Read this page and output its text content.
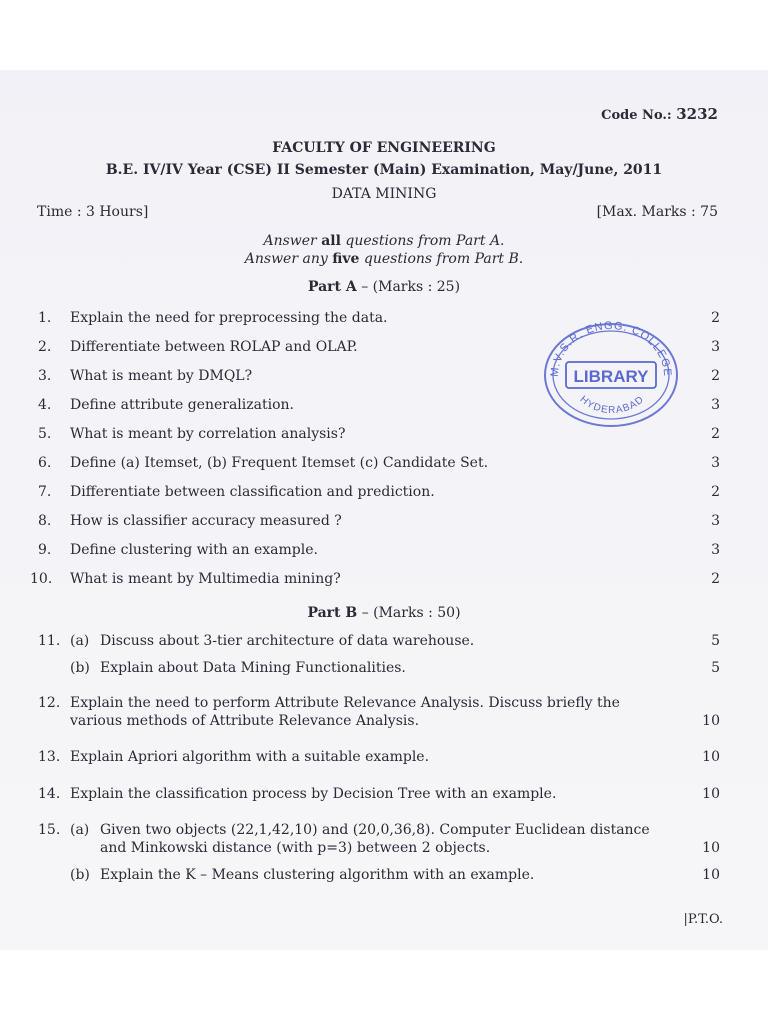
Code No.: 3232
FACULTY OF ENGINEERING
B.E. IV/IV Year (CSE) II Semester (Main) Examination, May/June, 2011
DATA MINING
Time : 3 Hours]	[Max. Marks : 75
Answer all questions from Part A.
Answer any five questions from Part B.
Part A – (Marks : 25)
1. Explain the need for preprocessing the data.	2
2. Differentiate between ROLAP and OLAP.	3
3. What is meant by DMQL?	2
4. Define attribute generalization.	3
5. What is meant by correlation analysis?	2
6. Define (a) Itemset, (b) Frequent Itemset (c) Candidate Set.	3
7. Differentiate between classification and prediction.	2
8. How is classifier accuracy measured ?	3
9. Define clustering with an example.	3
10. What is meant by Multimedia mining?	2
LIBRARY
M.V.S.R. ENGG. COLLEGE
HYDERABAD
Part B – (Marks : 50)
11. (a) Discuss about 3-tier architecture of data warehouse.	5
(b) Explain about Data Mining Functionalities.	5
12. Explain the need to perform Attribute Relevance Analysis. Discuss briefly the
various methods of Attribute Relevance Analysis.	10
13. Explain Apriori algorithm with a suitable example.	10
14. Explain the classification process by Decision Tree with an example.	10
15. (a) Given two objects (22,1,42,10) and (20,0,36,8). Computer Euclidean distance
and Minkowski distance (with p=3) between 2 objects.	10
(b) Explain the K – Means clustering algorithm with an example.	10
|P.T.O.
